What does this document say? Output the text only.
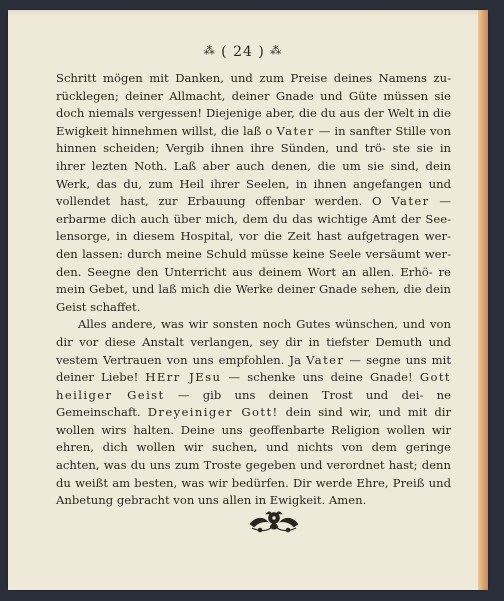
⁂ ( 24 ) ⁂

Schritt mögen mit Danken, und zum Preise deines Namens zu- rücklegen; deiner Allmacht, deiner Gnade und Güte müssen sie doch niemals vergessen! Diejenige aber, die du aus der Welt in die Ewigkeit hinnehmen willst, die laß o Vater — in sanfter Stille von hinnen scheiden; Vergib ihnen ihre Sünden, und trö- ste sie in ihrer lezten Noth. Laß aber auch denen, die um sie sind, dein Werk, das du, zum Heil ihrer Seelen, in ihnen angefangen und vollendet hast, zur Erbauung offenbar werden. O Vater — erbarme dich auch über mich, dem du das wichtige Amt der See- lensorge, in diesem Hospital, vor die Zeit hast aufgetragen wer- den lassen: durch meine Schuld müsse keine Seele versäumt wer- den. Seegne den Unterricht aus deinem Wort an allen. Erhö- re mein Gebet, und laß mich die Werke deiner Gnade sehen, die dein Geist schaffet.

Alles andere, was wir sonsten noch Gutes wünschen, und von dir vor diese Anstalt verlangen, sey dir in tiefster Demuth und vestem Vertrauen von uns empfohlen. Ja Vater — segne uns mit deiner Liebe! HErr JEsu — schenke uns deine Gnade! Gott heiliger Geist — gib uns deinen Trost und dei- ne Gemeinschaft. Dreyeiniger Gott! dein sind wir, und mit dir wollen wirs halten. Deine uns geoffenbarte Religion wollen wir ehren, dich wollen wir suchen, und nichts von dem geringe achten, was du uns zum Troste gegeben und verordnet hast; denn du weißt am besten, was wir bedürfen. Dir werde Ehre, Preiß und Anbetung gebracht von uns allen in Ewigkeit. Amen.
